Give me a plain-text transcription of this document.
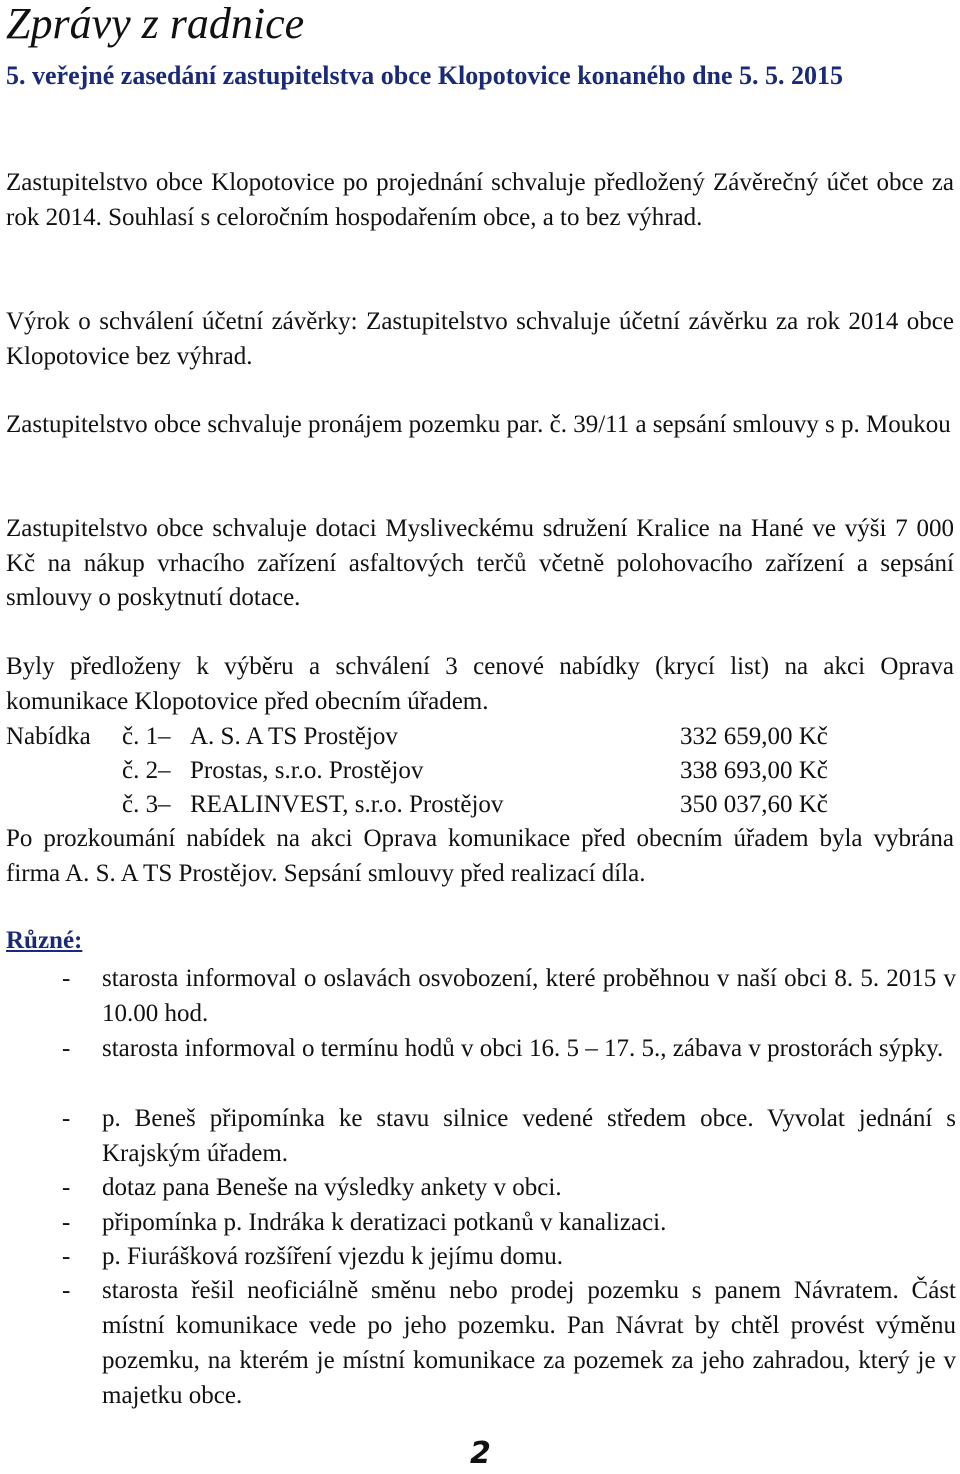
Zprávy z radnice
5. veřejné zasedání zastupitelstva obce Klopotovice konaného dne 5. 5. 2015

Zastupitelstvo obce Klopotovice po projednání schvaluje předložený Závěrečný účet obce za rok 2014. Souhlasí s celoročním hospodařením obce, a to bez výhrad.

Výrok o schválení účetní závěrky: Zastupitelstvo schvaluje účetní závěrku za rok 2014 obce Klopotovice bez výhrad.

Zastupitelstvo obce schvaluje pronájem pozemku par. č. 39/11 a sepsání smlouvy s p. Moukou

Zastupitelstvo obce schvaluje dotaci Mysliveckému sdružení Kralice na Hané ve výši 7 000 Kč na nákup vrhacího zařízení asfaltových terčů včetně polohovacího zařízení a sepsání smlouvy o poskytnutí dotace.

Byly předloženy k výběru a schválení 3 cenové nabídky (krycí list) na akci Oprava komunikace Klopotovice před obecním úřadem.

Nabídka č. 1 – A. S. A TS Prostějov	332 659,00 Kč
č. 2 – Prostas, s.r.o. Prostějov	338 693,00 Kč
č. 3 – REALINVEST, s.r.o. Prostějov	350 037,60 Kč

Po prozkoumání nabídek na akci Oprava komunikace před obecním úřadem byla vybrána firma A. S. A TS Prostějov. Sepsání smlouvy před realizací díla.

Různé:
- starosta informoval o oslavách osvobození, které proběhnou v naší obci 8. 5. 2015 v 10.00 hod.
- starosta informoval o termínu hodů v obci 16. 5 – 17. 5., zábava v prostorách sýpky.
- p. Beneš připomínka ke stavu silnice vedené středem obce. Vyvolat jednání s Krajským úřadem.
- dotaz pana Beneše na výsledky ankety v obci.
- připomínka p. Indráka k deratizaci potkanů v kanalizaci.
- p. Fiurášková rozšíření vjezdu k jejímu domu.
- starosta řešil neoficiálně směnu nebo prodej pozemku s panem Návratem. Část místní komunikace vede po jeho pozemku. Pan Návrat by chtěl provést výměnu pozemku, na kterém je místní komunikace za pozemek za jeho zahradou, který je v majetku obce.
2
